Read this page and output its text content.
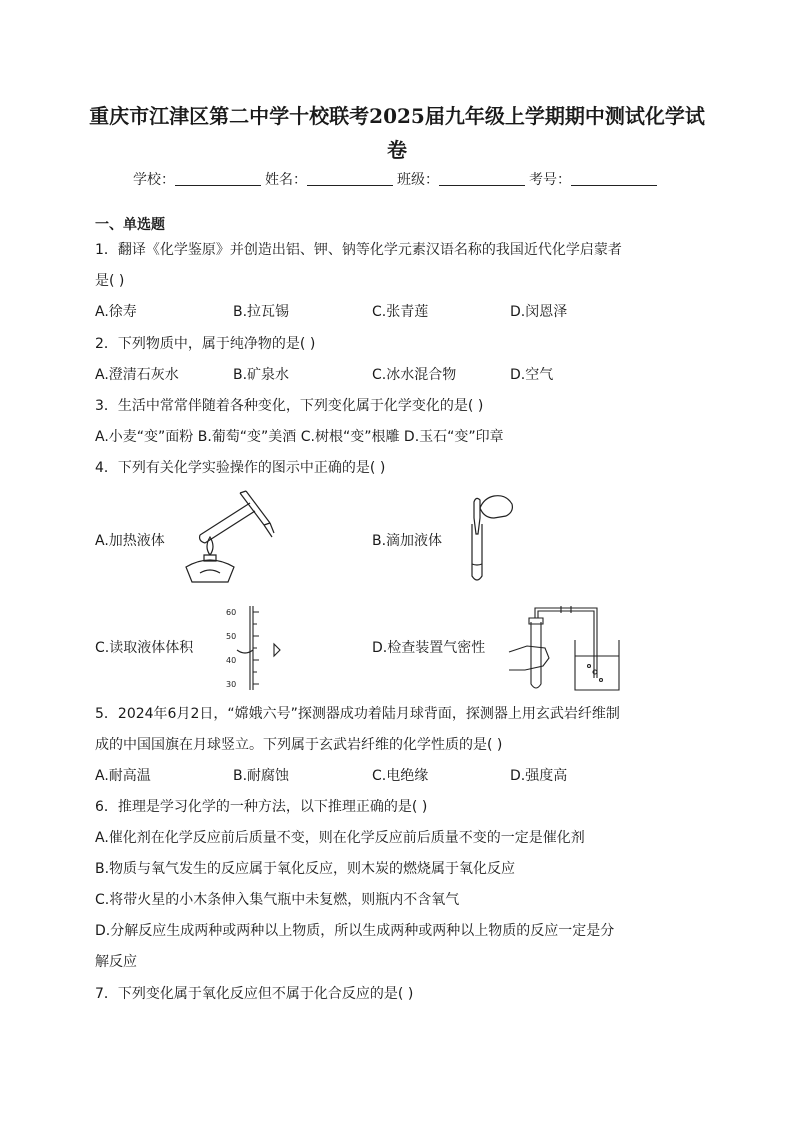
重庆市江津区第二中学十校联考2025届九年级上学期期中测试化学试
卷
学校：	姓名：	班级：	考号：
一、单选题
1．翻译《化学鉴原》并创造出铝、钾、钠等化学元素汉语名称的我国近代化学启蒙者
是( )
A.徐寿	B.拉瓦锡	C.张青莲	D.闵恩泽
2．下列物质中，属于纯净物的是( )
A.澄清石灰水	B.矿泉水	C.冰水混合物	D.空气
3．生活中常常伴随着各种变化，下列变化属于化学变化的是( )
A.小麦“变”面粉 B.葡萄“变”美酒 C.树根“变”根雕 D.玉石“变”印章
4．下列有关化学实验操作的图示中正确的是( )
A.加热液体	B.滴加液体
C.读取液体体积
60
50
40
30
D.检查装置气密性
5．2024年6月2日，“嫦娥六号”探测器成功着陆月球背面，探测器上用玄武岩纤维制
成的中国国旗在月球竖立。下列属于玄武岩纤维的化学性质的是( )
A.耐高温	B.耐腐蚀	C.电绝缘	D.强度高
6．推理是学习化学的一种方法，以下推理正确的是( )
A.催化剂在化学反应前后质量不变，则在化学反应前后质量不变的一定是催化剂
B.物质与氧气发生的反应属于氧化反应，则木炭的燃烧属于氧化反应
C.将带火星的小木条伸入集气瓶中未复燃，则瓶内不含氧气
D.分解反应生成两种或两种以上物质，所以生成两种或两种以上物质的反应一定是分
解反应
7．下列变化属于氧化反应但不属于化合反应的是( )
